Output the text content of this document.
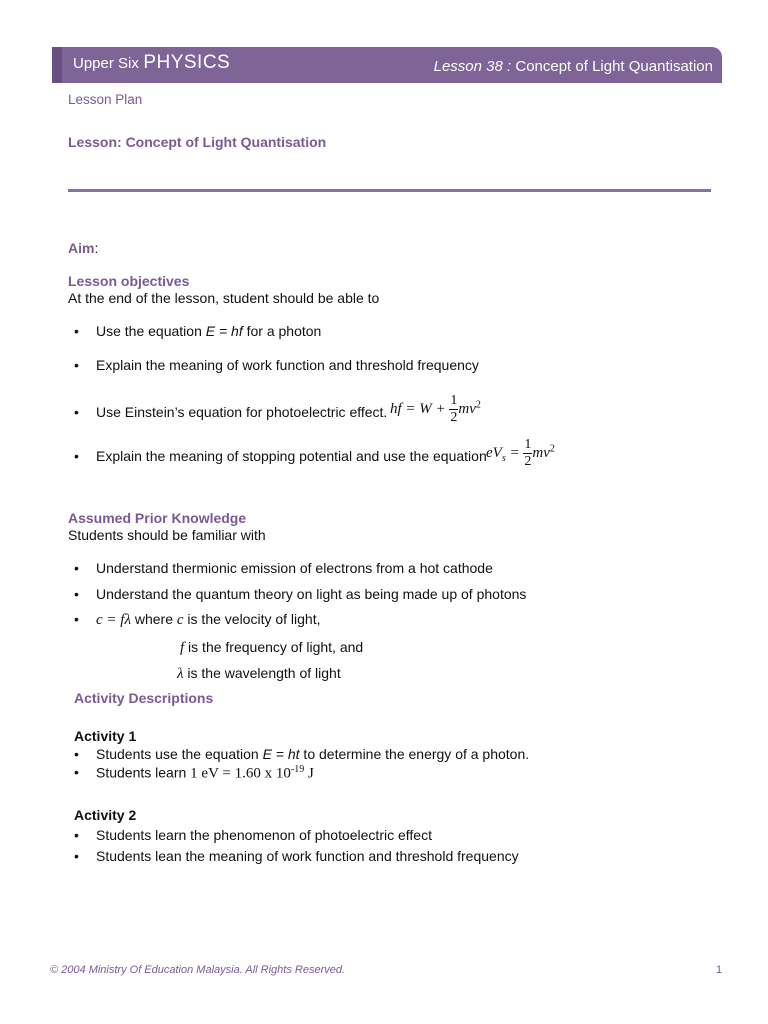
Upper Six PHYSICS	Lesson 38 : Concept of Light Quantisation
Lesson Plan
Lesson: Concept of Light Quantisation
Aim:
Lesson objectives
At the end of the lesson, student should be able to
• Use the equation E = hf for a photon
• Explain the meaning of work function and threshold frequency
• Use Einstein’s equation for photoelectric effect. hf = $W + \frac{1}{2} mv^2$
• Explain the meaning of stopping potential and use the equation $eV_s = \frac{1}{2} mv^2$
Assumed Prior Knowledge
Students should be familiar with
• Understand thermionic emission of electrons from a hot cathode
• Understand the quantum theory on light as being made up of photons
• c = fλ where c is the velocity of light,
f is the frequency of light, and
λ is the wavelength of light
Activity Descriptions
Activity 1
• Students use the equation E = ht to determine the energy of a photon.
• Students learn 1 eV = 1.60 x $10^{-19}$ J
Activity 2
• Students learn the phenomenon of photoelectric effect
• Students lean the meaning of work function and threshold frequency
© 2004 Ministry Of Education Malaysia. All Rights Reserved.	1
